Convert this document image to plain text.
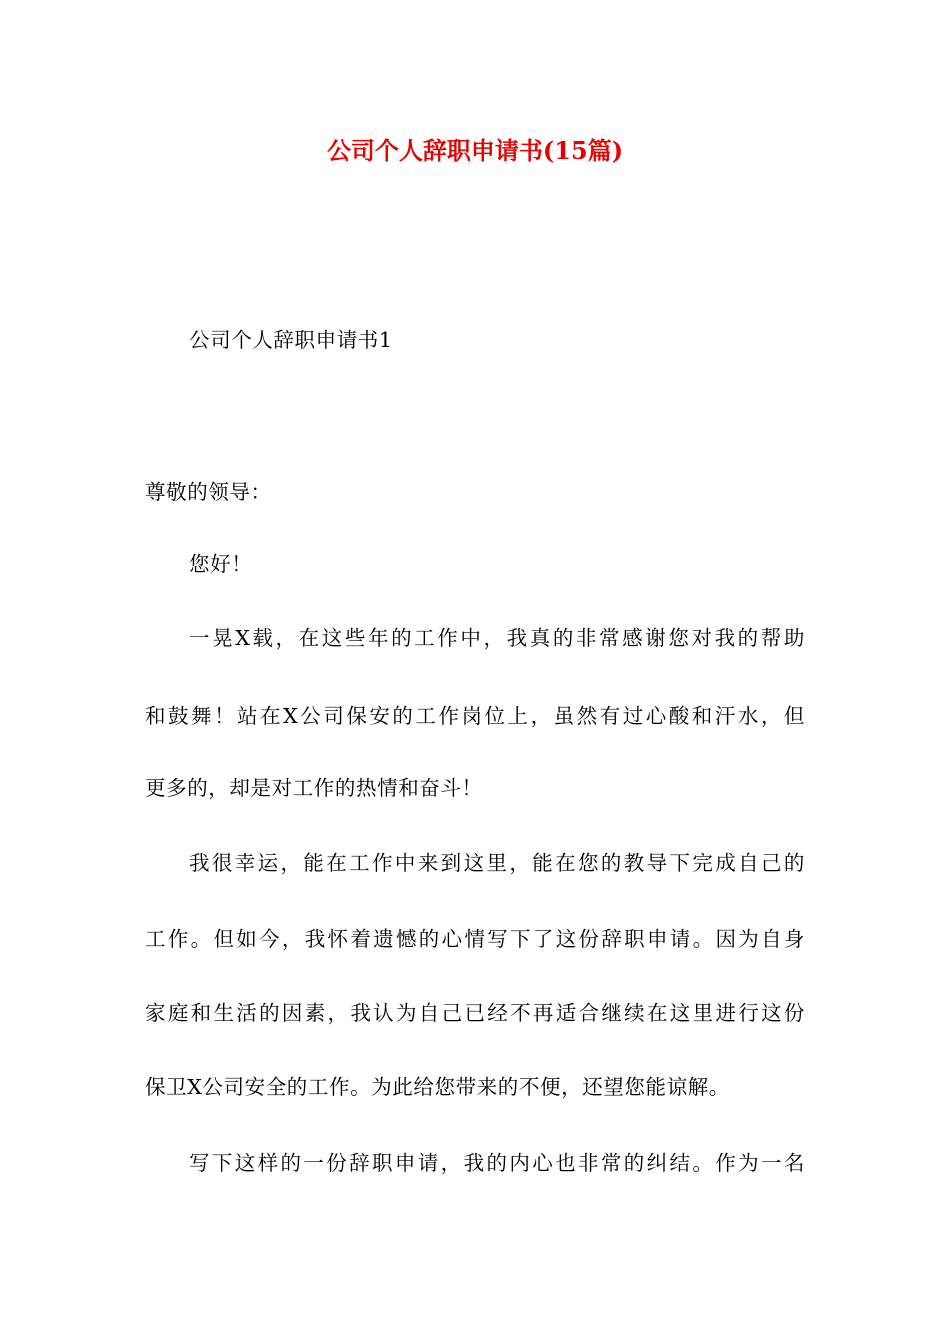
公司个人辞职申请书(15篇)
公司个人辞职申请书1
尊敬的领导：
您好！
一晃X载，在这些年的工作中，我真的非常感谢您对我的帮助
和鼓舞！站在X公司保安的工作岗位上，虽然有过心酸和汗水，但
更多的，却是对工作的热情和奋斗！
我很幸运，能在工作中来到这里，能在您的教导下完成自己的
工作。但如今，我怀着遗憾的心情写下了这份辞职申请。因为自身
家庭和生活的因素，我认为自己已经不再适合继续在这里进行这份
保卫X公司安全的工作。为此给您带来的不便，还望您能谅解。
写下这样的一份辞职申请，我的内心也非常的纠结。作为一名
